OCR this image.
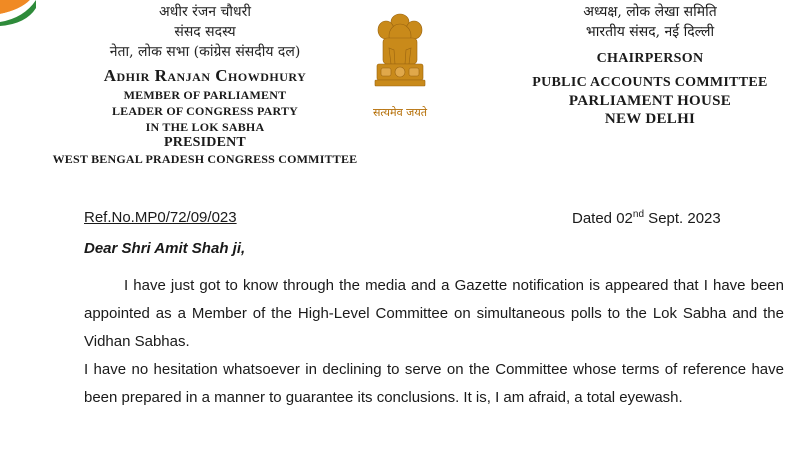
अधीर रंजन चौधरी
संसद सदस्य
नेता, लोक सभा (कांग्रेस संसदीय दल)
Adhir Ranjan Chowdhury
MEMBER OF PARLIAMENT
LEADER OF CONGRESS PARTY
IN THE LOK SABHA
PRESIDENT
WEST BENGAL PRADESH CONGRESS COMMITTEE
सत्यमेव जयते
अध्यक्ष, लोक लेखा समिति
भारतीय संसद, नई दिल्ली
CHAIRPERSON
PUBLIC ACCOUNTS COMMITTEE
PARLIAMENT HOUSE
NEW DELHI
Ref.No.MP0/72/09/023	Dated 02nd Sept. 2023
Dear Shri Amit Shah ji,

I have just got to know through the media and a Gazette notification is appeared that I have been appointed as a Member of the High-Level Committee on simultaneous polls to the Lok Sabha and the Vidhan Sabhas.

I have no hesitation whatsoever in declining to serve on the Committee whose terms of reference have been prepared in a manner to guarantee its conclusions. It is, I am afraid, a total eyewash.
